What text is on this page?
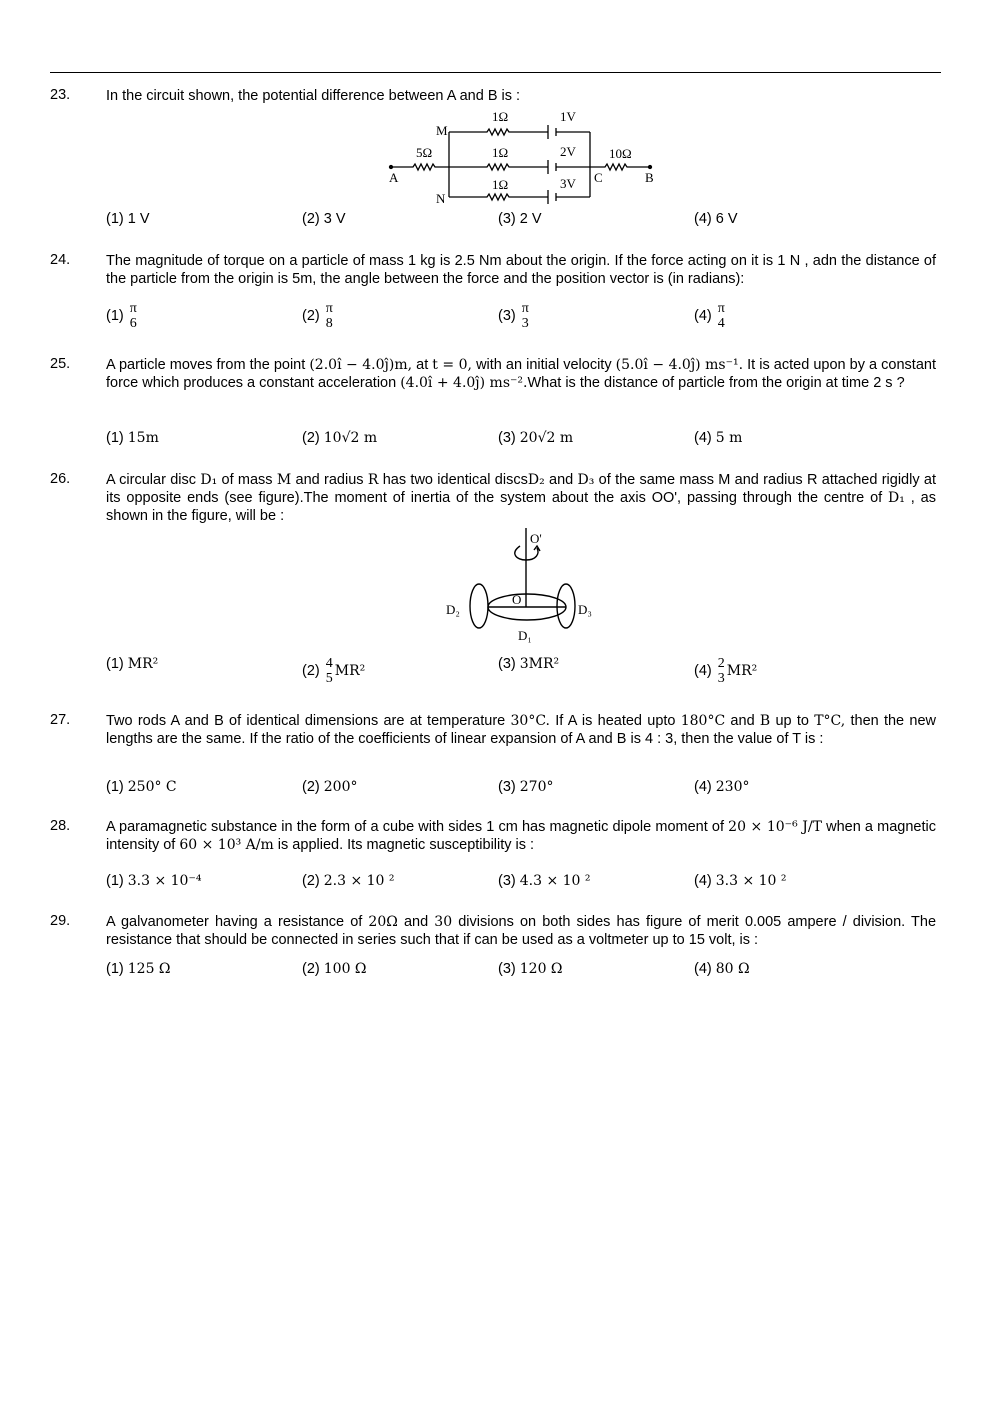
23. In the circuit shown, the potential difference between A and B is :
(1) 1 V	(2) 3 V	(3) 2 V	(4) 6 V
24. The magnitude of torque on a particle of mass 1 kg is 2.5 Nm about the origin. If the force acting on it is 1 N , adn the distance of the particle from the origin is 5m, the angle between the force and the position vector is (in radians):
(1) π
6	(2) π
8	(3) π
3	(4) π
4
25. A particle moves from the point (2.0î − 4.0ĵ)m, at t = 0, with an initial velocity (5.0î − 4.0ĵ) ms⁻¹. It is acted upon by a constant force which produces a constant acceleration (4.0î + 4.0ĵ) ms⁻².What is the distance of particle from the origin at time 2 s ?
(1) 15m	(2) 10√2 m	(3) 20√2 m	(4) 5 m
26. A circular disc D₁ of mass M and radius R has two identical discsD₂ and D₃ of the same mass M and radius R attached rigidly at its opposite ends (see figure).The moment of inertia of the system about the axis OO', passing through the centre of D₁ , as shown in the figure, will be :
(1) MR²	(2) 4
5 MR²	(3) 3MR²	(4) 2
3 MR²
27. Two rods A and B of identical dimensions are at temperature 30°C. If A is heated upto 180°C and B up to T°C, then the new lengths are the same. If the ratio of the coefficients of linear expansion of A and B is 4 : 3, then the value of T is :
(1) 250° C	(2) 200°	(3) 270°	(4) 230°
28. A paramagnetic substance in the form of a cube with sides 1 cm has magnetic dipole moment of 20 × 10⁻⁶ J/T when a magnetic intensity of 60 × 10³ A/m is applied. Its magnetic susceptibility is :
(1) 3.3 × 10⁻⁴	(2) 2.3 × 10 ²	(3) 4.3 × 10 ²	(4) 3.3 × 10 ²
29. A galvanometer having a resistance of 20Ω and 30 divisions on both sides has figure of merit 0.005 ampere / division. The resistance that should be connected in series such that if can be used as a voltmeter up to 15 volt, is :
(1) 125 Ω	(2) 100 Ω	(3) 120 Ω	(4) 80 Ω
1Ω	1V
M
5Ω	1Ω	2V	10Ω
A	C	B
1Ω	3V
N
O'
O
D₂	D₃
D₁
